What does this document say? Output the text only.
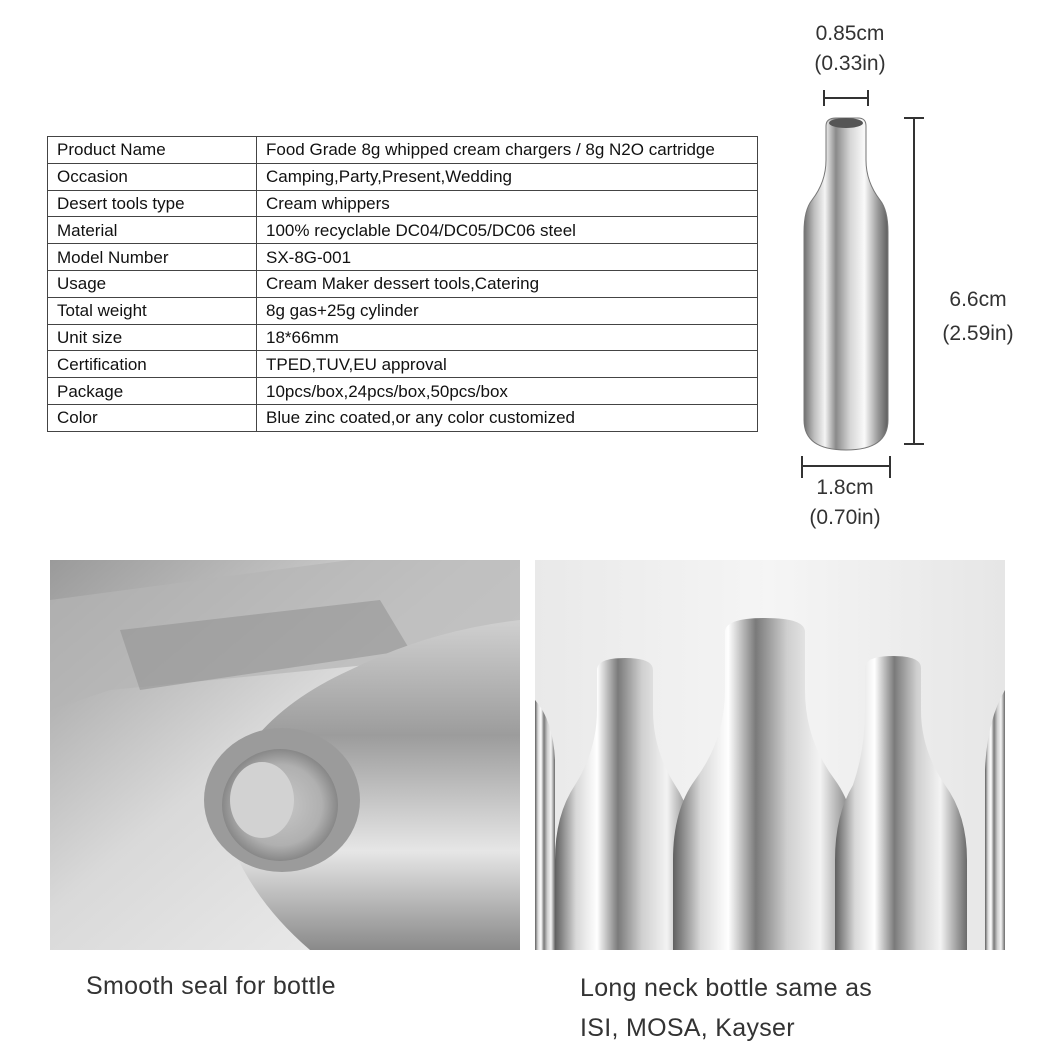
Product Name	Food Grade 8g whipped cream chargers / 8g N2O cartridge
Occasion	Camping,Party,Present,Wedding
Desert tools type	Cream whippers
Material	100% recyclable DC04/DC05/DC06 steel
Model Number	SX-8G-001
Usage	Cream Maker dessert tools,Catering
Total weight	8g gas+25g cylinder
Unit size	18*66mm
Certification	TPED,TUV,EU approval
Package	10pcs/box,24pcs/box,50pcs/box
Color	Blue zinc coated,or any color customized
0.85cm
(0.33in)
6.6cm
(2.59in)
1.8cm
(0.70in)
Smooth seal for bottle	Long neck bottle same as
ISI, MOSA, Kayser
